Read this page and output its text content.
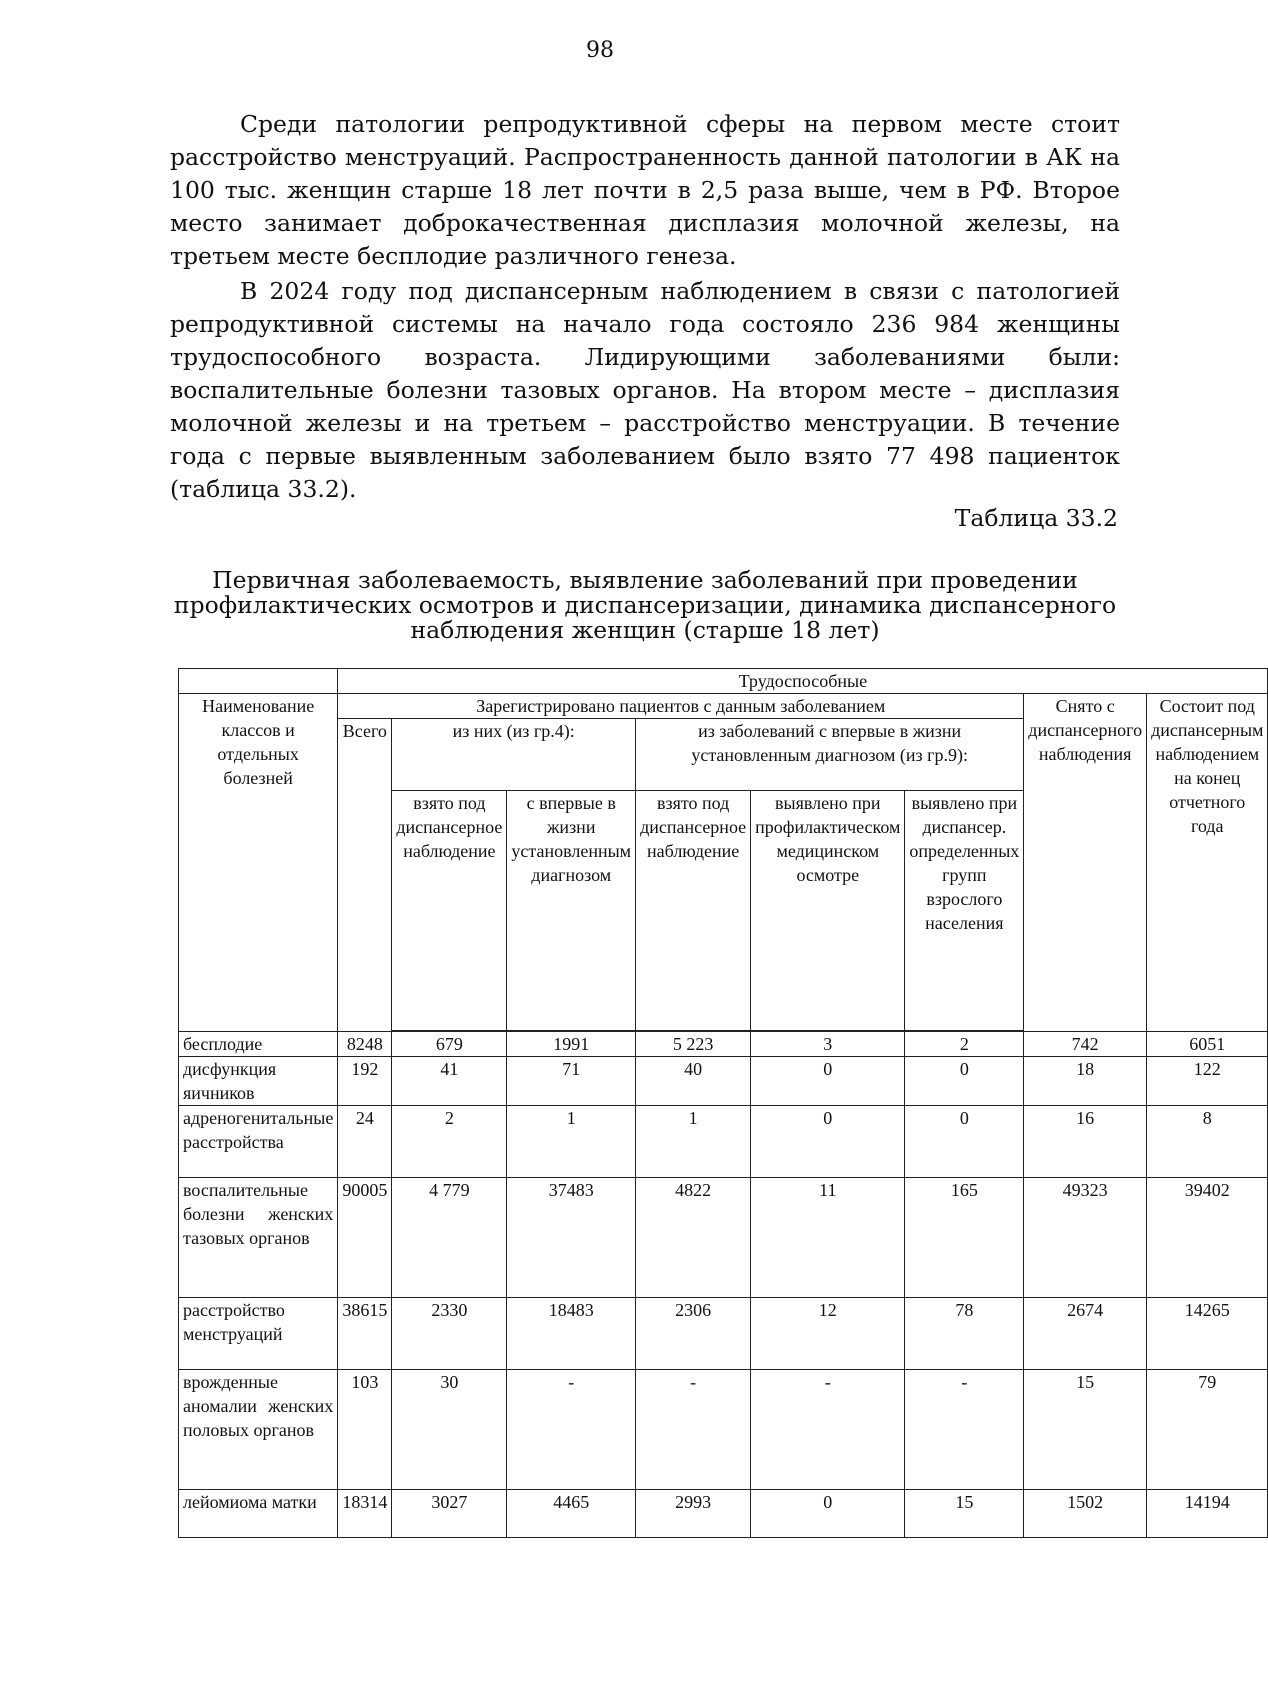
98

Среди патологии репродуктивной сферы на первом месте стоит расстройство менструаций. Распространенность данной патологии в АК на 100 тыс. женщин старше 18 лет почти в 2,5 раза выше, чем в РФ. Второе место занимает доброкачественная дисплазия молочной железы, на третьем месте бесплодие различного генеза.

В 2024 году под диспансерным наблюдением в связи с патологией репродуктивной системы на начало года состояло 236 984 женщины трудоспособного возраста. Лидирующими заболеваниями были: воспалительные болезни тазовых органов. На втором месте – дисплазия молочной железы и на третьем – расстройство менструации. В течение года с первые выявленным заболеванием было взято 77 498 пациенток (таблица 33.2).

Таблица 33.2
Первичная заболеваемость, выявление заболеваний при проведении профилактических осмотров и диспансеризации, динамика диспансерного наблюдения женщин (старше 18 лет)
	Трудоспособные							
Наименование классов и отдельных болезней	Зарегистрировано пациентов с данным заболеванием						Снято с диспансерного наблюдения	Состоит под диспансерным наблюдением на конец отчетного года
	Всего	из них (из гр.4):		из заболеваний с впервые в жизни установленным диагнозом (из гр.9):				
		взято под диспансерное наблюдение	с впервые в жизни установленным диагнозом	взято под диспансерное наблюдение	выявлено при профилактическом медицинском осмотре	выявлено при диспансер. определенных групп взрослого населения		

бесплодие	8248	679	1991	5 223	3	2	742	6051
дисфункция яичников	192	41	71	40	0	0	18	122
адреногенитальные расстройства	24	2	1	1	0	0	16	8
воспалительные болезни женских тазовых органов	90005	4 779	37483	4822	11	165	49323	39402
расстройство менструаций	38615	2330	18483	2306	12	78	2674	14265
врожденные аномалии женских половых органов	103	30	-	-	-	-	15	79
лейомиома матки	18314	3027	4465	2993	0	15	1502	14194
